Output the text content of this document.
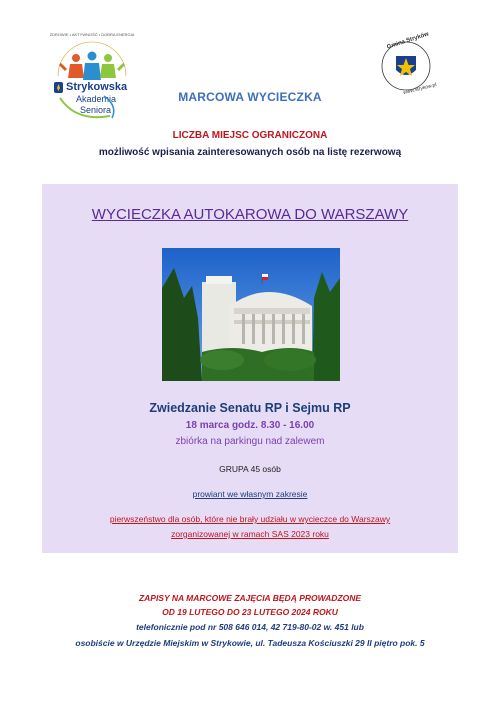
Strykowska
Akademia
Seniora
ZDROWIE • AKTYWNOŚĆ • DOBRA ENERGIA	Gmina Stryków
www.strykow.pl
MARCOWA WYCIECZKA
LICZBA MIEJSC OGRANICZONA
możliwość wpisania zainteresowanych osób na listę rezerwową
WYCIECZKA AUTOKAROWA DO WARSZAWY
Zwiedzanie Senatu RP i Sejmu RP
18 marca godz. 8.30 - 16.00
zbiórka na parkingu nad zalewem
GRUPA 45 osób
prowiant we własnym zakresie
pierwszeństwo dla osób, które nie brały udziału w wycieczce do Warszawy
zorganizowanej w ramach SAS 2023 roku
ZAPISY NA MARCOWE ZAJĘCIA BĘDĄ PROWADZONE
OD 19 LUTEGO DO 23 LUTEGO 2024 ROKU
telefonicznie pod nr 508 646 014, 42 719-80-02 w. 451 lub
osobiście w Urzędzie Miejskim w Strykowie, ul. Tadeusza Kościuszki 29 II piętro pok. 5
